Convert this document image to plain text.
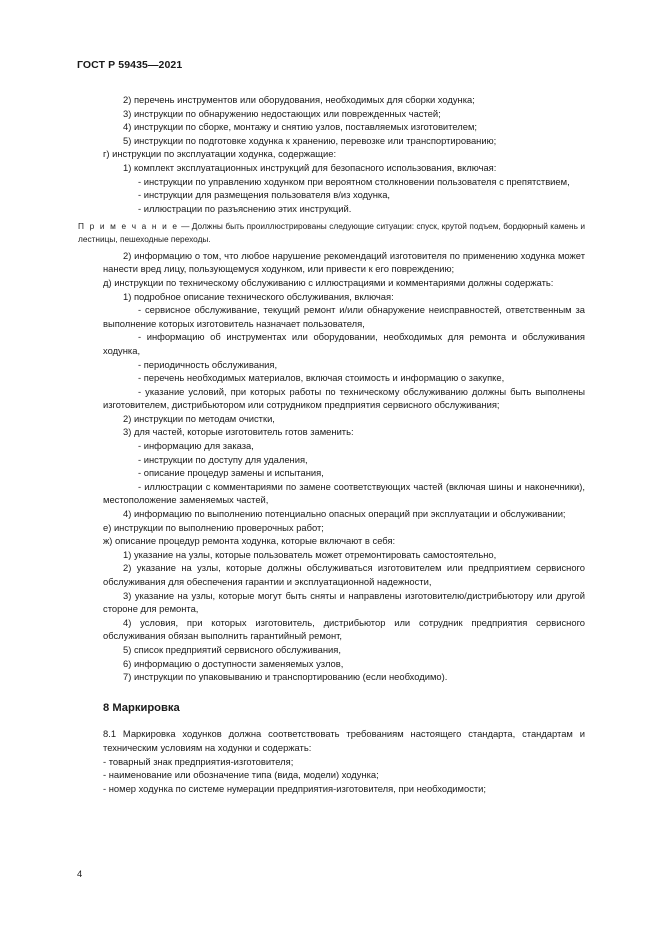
ГОСТ Р 59435—2021

2) перечень инструментов или оборудования, необходимых для сборки ходунка;

3) инструкции по обнаружению недостающих или поврежденных частей;

4) инструкции по сборке, монтажу и снятию узлов, поставляемых изготовителем;

5) инструкции по подготовке ходунка к хранению, перевозке или транспортированию;

г) инструкции по эксплуатации ходунка, содержащие:

1) комплект эксплуатационных инструкций для безопасного использования, включая:

- инструкции по управлению ходунком при вероятном столкновении пользователя с препятствием,

- инструкции для размещения пользователя в/из ходунка,

- иллюстрации по разъяснению этих инструкций.

П р и м е ч а н и е — Должны быть проиллюстрированы следующие ситуации: спуск, крутой подъем, бордюрный камень и лестницы, пешеходные переходы.

2) информацию о том, что любое нарушение рекомендаций изготовителя по применению ходунка может нанести вред лицу, пользующемуся ходунком, или привести к его повреждению;

д) инструкции по техническому обслуживанию с иллюстрациями и комментариями должны содержать:

1) подробное описание технического обслуживания, включая:

- сервисное обслуживание, текущий ремонт и/или обнаружение неисправностей, ответственным за выполнение которых изготовитель назначает пользователя,

- информацию об инструментах или оборудовании, необходимых для ремонта и обслуживания ходунка,

- периодичность обслуживания,

- перечень необходимых материалов, включая стоимость и информацию о закупке,

- указание условий, при которых работы по техническому обслуживанию должны быть выполнены изготовителем, дистрибьютором или сотрудником предприятия сервисного обслуживания;

2) инструкции по методам очистки,

3) для частей, которые изготовитель готов заменить:

- информацию для заказа,

- инструкции по доступу для удаления,

- описание процедур замены и испытания,

- иллюстрации с комментариями по замене соответствующих частей (включая шины и наконечники), местоположение заменяемых частей,

4) информацию по выполнению потенциально опасных операций при эксплуатации и обслуживании;

е) инструкции по выполнению проверочных работ;

ж) описание процедур ремонта ходунка, которые включают в себя:

1) указание на узлы, которые пользователь может отремонтировать самостоятельно,

2) указание на узлы, которые должны обслуживаться изготовителем или предприятием сервисного обслуживания для обеспечения гарантии и эксплуатационной надежности,

3) указание на узлы, которые могут быть сняты и направлены изготовителю/дистрибьютору или другой стороне для ремонта,

4) условия, при которых изготовитель, дистрибьютор или сотрудник предприятия сервисного обслуживания обязан выполнить гарантийный ремонт,

5) список предприятий сервисного обслуживания,

6) информацию о доступности заменяемых узлов,

7) инструкции по упаковыванию и транспортированию (если необходимо).

8 Маркировка

8.1 Маркировка ходунков должна соответствовать требованиям настоящего стандарта, стандартам и техническим условиям на ходунки и содержать:

- товарный знак предприятия-изготовителя;

- наименование или обозначение типа (вида, модели) ходунка;

- номер ходунка по системе нумерации предприятия-изготовителя, при необходимости;

4
